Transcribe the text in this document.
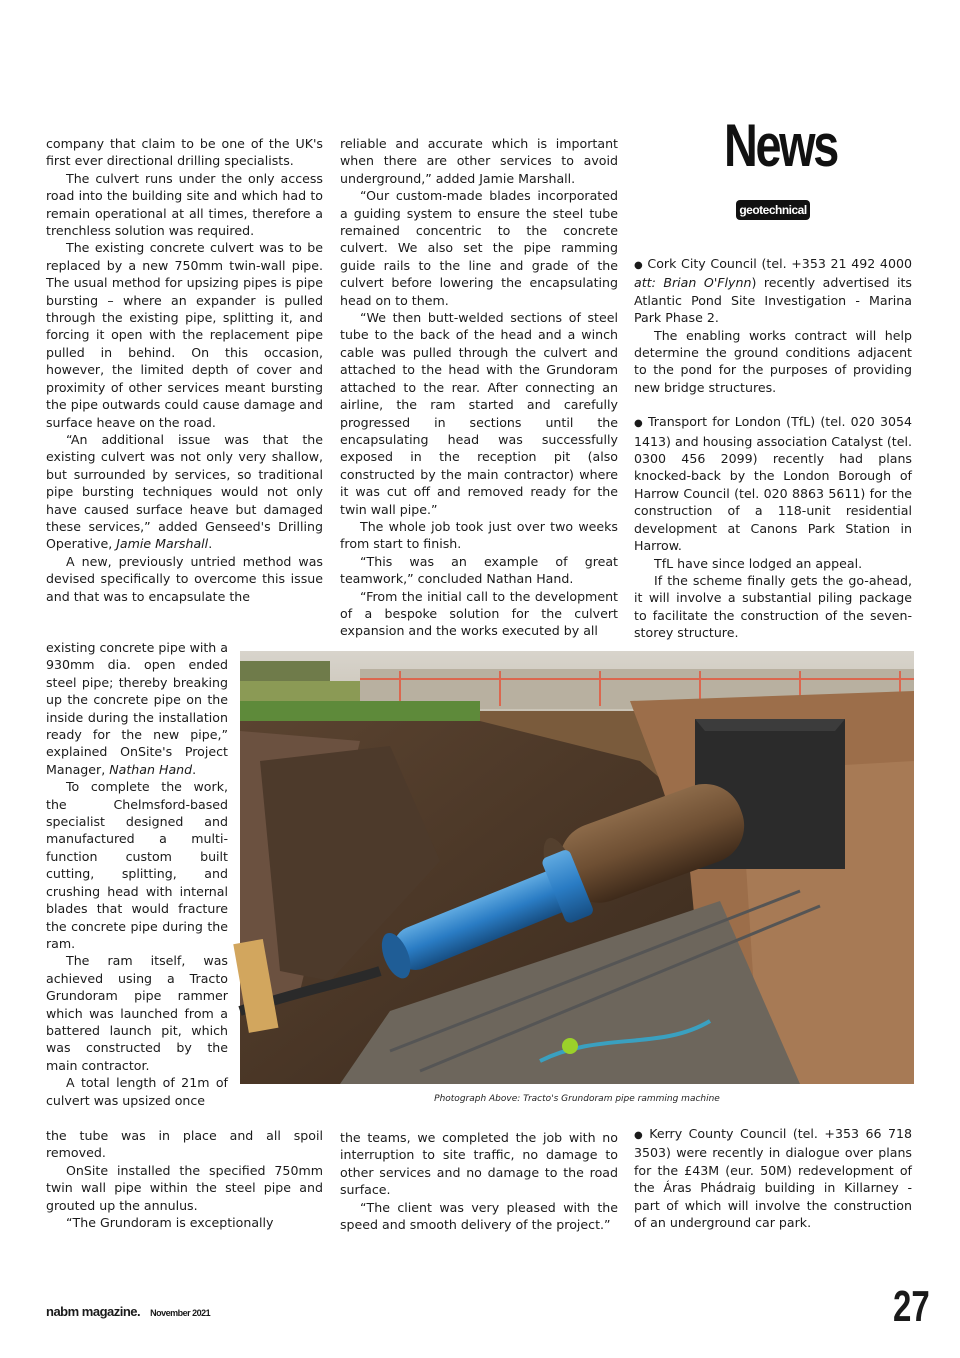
company that claim to be one of the UK's first ever directional drilling specialists.

The culvert runs under the only access road into the building site and which had to remain operational at all times, therefore a trenchless solution was required.

The existing concrete culvert was to be replaced by a new 750mm twin-wall pipe. The usual method for upsizing pipes is pipe bursting – where an expander is pulled through the existing pipe, splitting it, and forcing it open with the replacement pipe pulled in behind. On this occasion, however, the limited depth of cover and proximity of other services meant bursting the pipe outwards could cause damage and surface heave on the road.

“An additional issue was that the existing culvert was not only very shallow, but surrounded by services, so traditional pipe bursting techniques would not only have caused surface heave but damaged these services,” added Genseed's Drilling Operative, Jamie Marshall.

A new, previously untried method was devised specifically to overcome this issue and that was to encapsulate the

existing concrete pipe with a 930mm dia. open ended steel pipe; thereby breaking up the concrete pipe on the inside during the installation ready for the new pipe,” explained OnSite's Project Manager, Nathan Hand.

To complete the work, the Chelmsford-based specialist designed and manufactured a multi-function custom built cutting, splitting, and crushing head with internal blades that would fracture the concrete pipe during the ram.

The ram itself, was achieved using a Tracto Grundoram pipe rammer which was launched from a battered launch pit, which was constructed by the main contractor.

A total length of 21m of culvert was upsized once

the tube was in place and all spoil removed.

OnSite installed the specified 750mm twin wall pipe within the steel pipe and grouted up the annulus.

“The Grundoram is exceptionally

reliable and accurate which is important when there are other services to avoid underground,” added Jamie Marshall.

“Our custom-made blades incorporated a guiding system to ensure the steel tube remained concentric to the concrete culvert. We also set the pipe ramming guide rails to the line and grade of the culvert before lowering the encapsulating head on to them.

“We then butt-welded sections of steel tube to the back of the head and a winch cable was pulled through the culvert and attached to the head with the Grundoram attached to the rear. After connecting an airline, the ram started and carefully progressed in sections until the encapsulating head was successfully exposed in the reception pit (also constructed by the main contractor) where it was cut off and removed ready for the twin wall pipe.”

The whole job took just over two weeks from start to finish.

“This was an example of great teamwork,” concluded Nathan Hand.

“From the initial call to the development of a bespoke solution for the culvert expansion and the works executed by all

the teams, we completed the job with no interruption to site traffic, no damage to other services and no damage to the road surface.

“The client was very pleased with the speed and smooth delivery of the project.”

News
geotechnical

● Cork City Council (tel. +353 21 492 4000 att: Brian O'Flynn) recently advertised its Atlantic Pond Site Investigation - Marina Park Phase 2.

The enabling works contract will help determine the ground conditions adjacent to the pond for the purposes of providing new bridge structures.

● Transport for London (TfL) (tel. 020 3054 1413) and housing association Catalyst (tel. 0300 456 2099) recently had plans knocked-back by the London Borough of Harrow Council (tel. 020 8863 5611) for the construction of a 118-unit residential development at Canons Park Station in Harrow.

TfL have since lodged an appeal.

If the scheme finally gets the go-ahead, it will involve a substantial piling package to facilitate the construction of the seven-storey structure.

● Kerry County Council (tel. +353 66 718 3503) were recently in dialogue over plans for the £43M (eur. 50M) redevelopment of the Áras Phádraig building in Killarney - part of which will involve the construction of an underground car park.

Photograph Above: Tracto's Grundoram pipe ramming machine
nabm magazine. November 2021	27
